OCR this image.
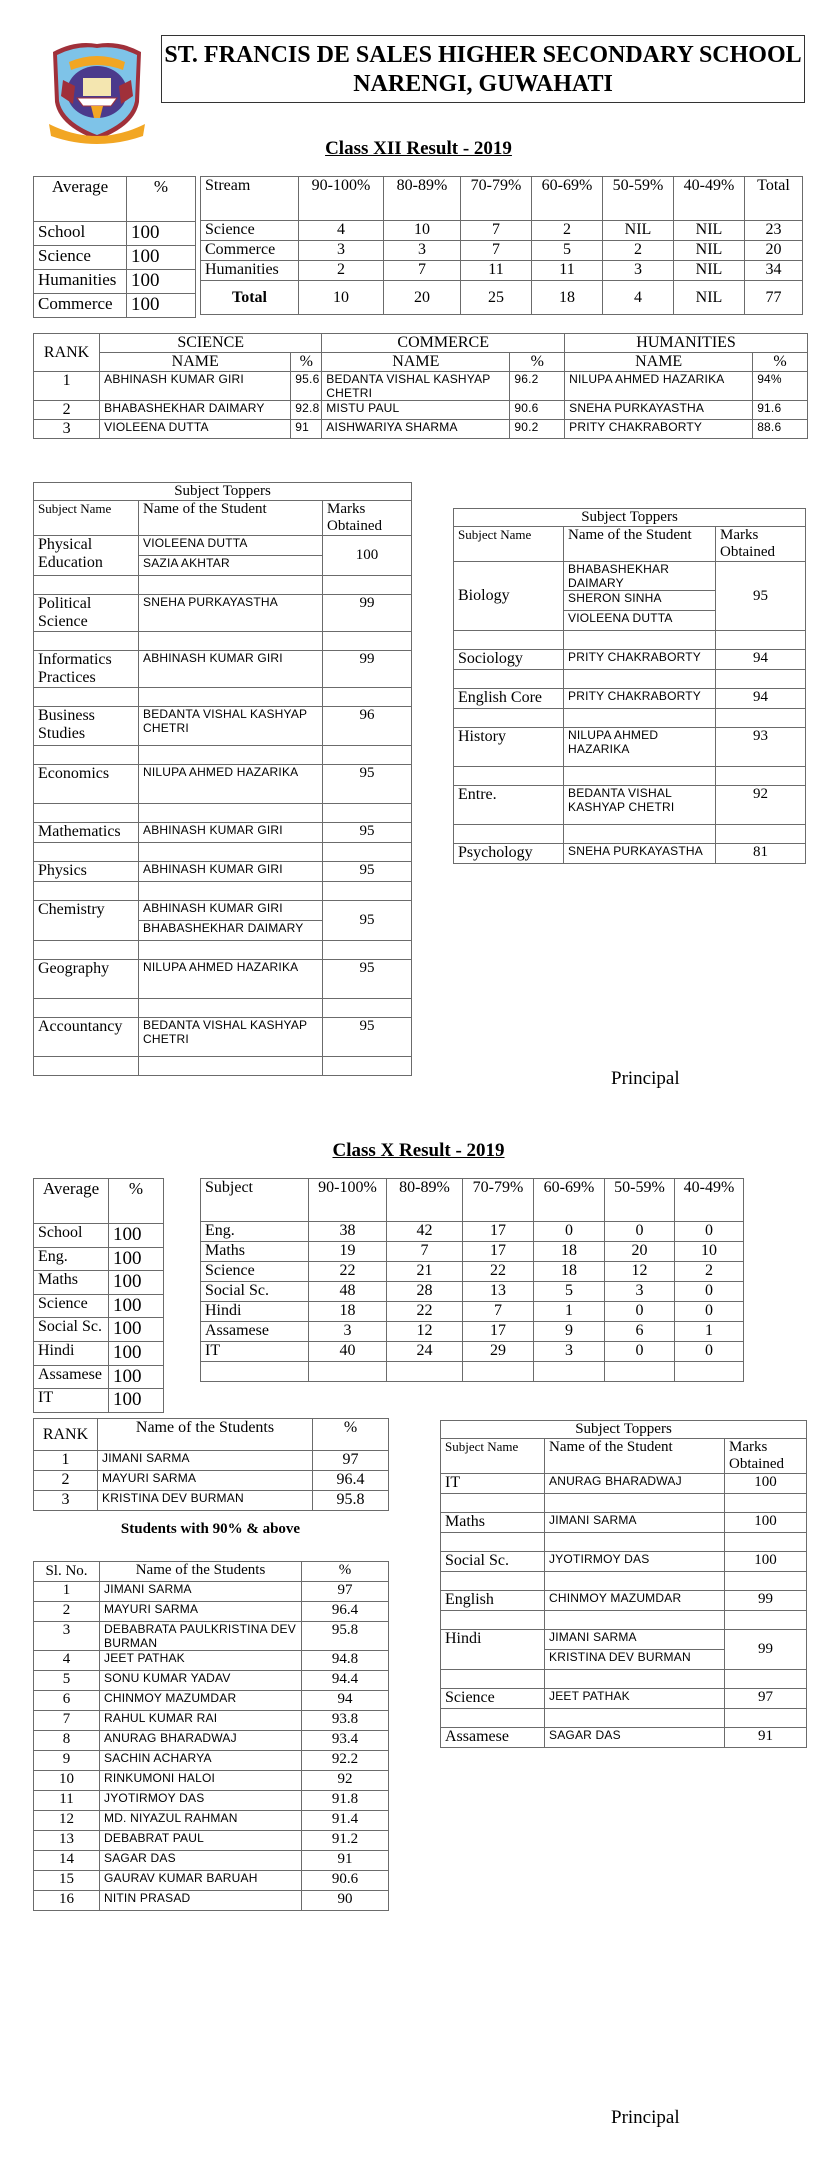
ST. FRANCIS DE SALES HIGHER SECONDARY SCHOOL
NARENGI, GUWAHATI
Class XII Result - 2019
Average	%
School	100
Science	100
Humanities	100
Commerce	100
Stream	90-100%	80-89%	70-79%	60-69%	50-59%	40-49%	Total
Science	4	10	7	2	NIL	NIL	23
Commerce	3	3	7	5	2	NIL	20
Humanities	2	7	11	11	3	NIL	34
Total	10	20	25	18	4	NIL	77
RANK	SCIENCE		COMMERCE		HUMANITIES	
	NAME	%	NAME	%	NAME	%
1	ABHINASH KUMAR GIRI	95.6	BEDANTA VISHAL KASHYAP CHETRI	96.2	NILUPA AHMED HAZARIKA	94%
2	BHABASHEKHAR DAIMARY	92.8	MISTU PAUL	90.6	SNEHA PURKAYASTHA	91.6
3	VIOLEENA DUTTA	91	AISHWARIYA SHARMA	90.2	PRITY CHAKRABORTY	88.6
Subject Toppers		
Subject Name	Name of the Student	Marks Obtained
Physical Education	VIOLEENA DUTTA	100
	SAZIA AKHTAR	

Political Science	SNEHA PURKAYASTHA	99

Informatics Practices	ABHINASH KUMAR GIRI	99

Business Studies	BEDANTA VISHAL KASHYAP CHETRI	96

Economics	NILUPA AHMED HAZARIKA	95

Mathematics	ABHINASH KUMAR GIRI	95

Physics	ABHINASH KUMAR GIRI	95

Chemistry	ABHINASH KUMAR GIRI	95
	BHABASHEKHAR DAIMARY	

Geography	NILUPA AHMED HAZARIKA	95

Accountancy	BEDANTA VISHAL KASHYAP CHETRI	95

Subject Toppers		
Subject Name	Name of the Student	Marks Obtained
Biology	BHABASHEKHAR DAIMARY	95
	SHERON SINHA	
	VIOLEENA DUTTA	

Sociology	PRITY CHAKRABORTY	94

English Core	PRITY CHAKRABORTY	94

History	NILUPA AHMED HAZARIKA	93

Entre.	BEDANTA VISHAL KASHYAP CHETRI	92

Psychology	SNEHA PURKAYASTHA	81
Principal
Class X Result - 2019
Average	%
School	100
Eng.	100
Maths	100
Science	100
Social Sc.	100
Hindi	100
Assamese	100
IT	100
Subject	90-100%	80-89%	70-79%	60-69%	50-59%	40-49%
Eng.	38	42	17	0	0	0
Maths	19	7	17	18	20	10
Science	22	21	22	18	12	2
Social Sc.	48	28	13	5	3	0
Hindi	18	22	7	1	0	0
Assamese	3	12	17	9	6	1
IT	40	24	29	3	0	0

RANK	Name of the Students	%
1	JIMANI SARMA	97
2	MAYURI SARMA	96.4
3	KRISTINA DEV BURMAN	95.8
Students with 90% & above
Sl. No.	Name of the Students	%
1	JIMANI SARMA	97
2	MAYURI SARMA	96.4
3	DEBABRATA PAULKRISTINA DEV BURMAN	95.8
4	JEET PATHAK	94.8
5	SONU KUMAR YADAV	94.4
6	CHINMOY MAZUMDAR	94
7	RAHUL KUMAR RAI	93.8
8	ANURAG BHARADWAJ	93.4
9	SACHIN ACHARYA	92.2
10	RINKUMONI HALOI	92
11	JYOTIRMOY DAS	91.8
12	MD. NIYAZUL RAHMAN	91.4
13	DEBABRAT PAUL	91.2
14	SAGAR DAS	91
15	GAURAV KUMAR BARUAH	90.6
16	NITIN PRASAD	90
Subject Toppers		
Subject Name	Name of the Student	Marks Obtained
IT	ANURAG BHARADWAJ	100

Maths	JIMANI SARMA	100

Social Sc.	JYOTIRMOY DAS	100

English	CHINMOY MAZUMDAR	99

Hindi	JIMANI SARMA	99
	KRISTINA DEV BURMAN	

Science	JEET PATHAK	97

Assamese	SAGAR DAS	91
Principal
